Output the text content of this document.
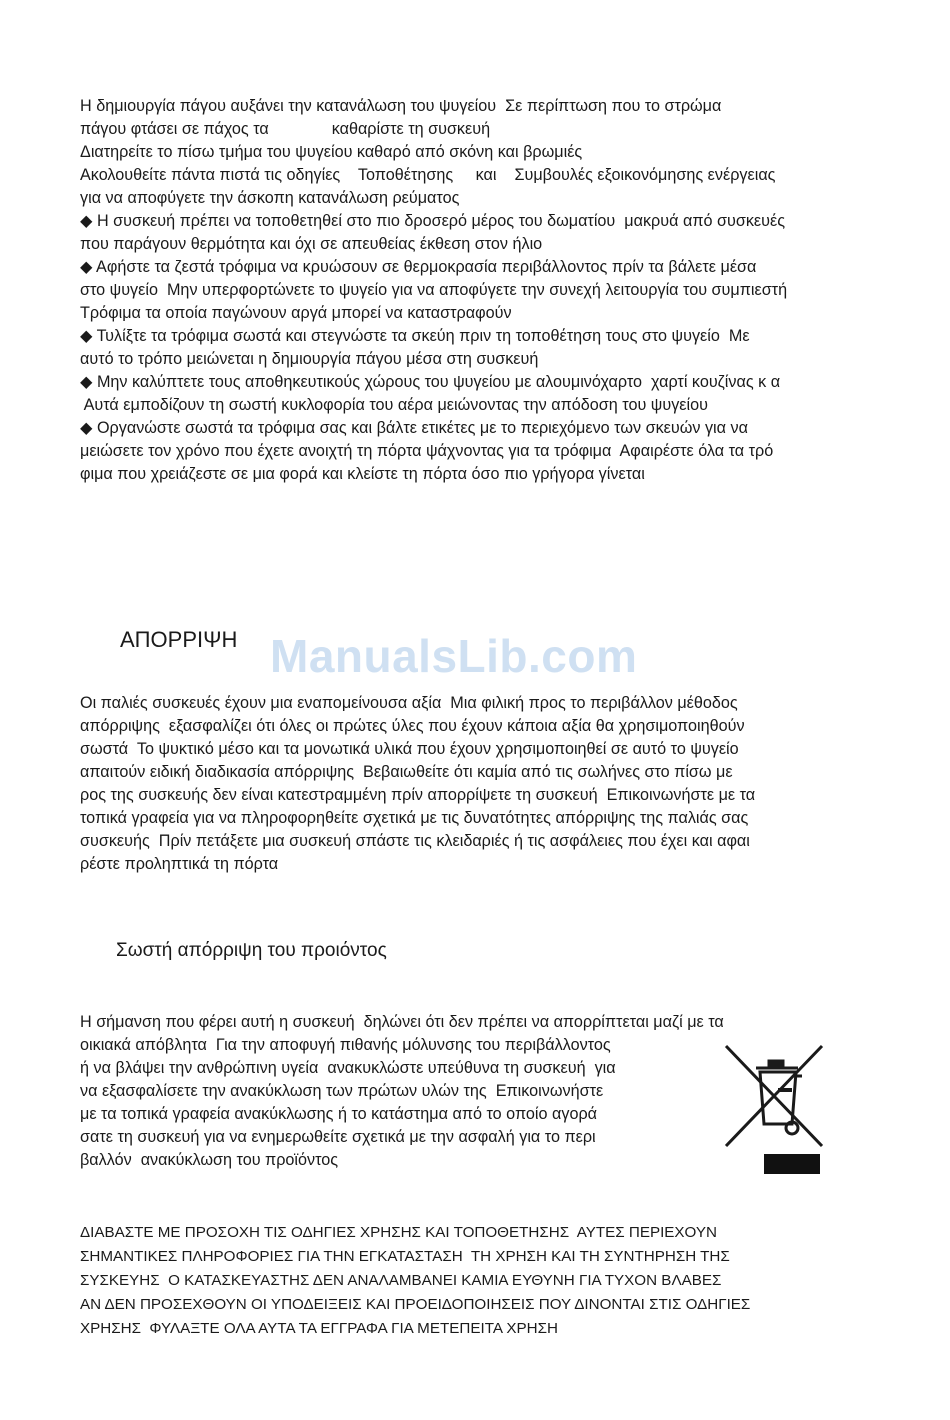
Η δημιουργία πάγου αυξάνει την κατανάλωση του ψυγείου  Σε περίπτωση που το στρώμα
πάγου φτάσει σε πάχος τα              καθαρίστε τη συσκευή
Διατηρείτε το πίσω τμήμα του ψυγείου καθαρό από σκόνη και βρωμιές
Ακολουθείτε πάντα πιστά τις οδηγίες    Τοποθέτησης     και    Συμβουλές εξοικονόμησης ενέργειας
για να αποφύγετε την άσκοπη κατανάλωση ρεύματος
◆ Η συσκευή πρέπει να τοποθετηθεί στο πιο δροσερό μέρος του δωματίου  μακρυά από συσκευές
που παράγουν θερμότητα και όχι σε απευθείας έκθεση στον ήλιο
◆ Αφήστε τα ζεστά τρόφιμα να κρυώσουν σε θερμοκρασία περιβάλλοντος πρίν τα βάλετε μέσα
στο ψυγείο  Μην υπερφορτώνετε το ψυγείο για να αποφύγετε την συνεχή λειτουργία του συμπιεστή
Τρόφιμα τα οποία παγώνουν αργά μπορεί να καταστραφούν
◆ Τυλίξτε τα τρόφιμα σωστά και στεγνώστε τα σκεύη πριν τη τοποθέτηση τους στο ψυγείο  Με
αυτό το τρόπο μειώνεται η δημιουργία πάγου μέσα στη συσκευή
◆ Μην καλύπτετε τους αποθηκευτικούς χώρους του ψυγείου με αλουμινόχαρτο  χαρτί κουζίνας κ α
Αυτά εμποδίζουν τη σωστή κυκλοφορία του αέρα μειώνοντας την απόδοση του ψυγείου
◆ Οργανώστε σωστά τα τρόφιμα σας και βάλτε ετικέτες με το περιεχόμενο των σκευών για να
μειώσετε τον χρόνο που έχετε ανοιχτή τη πόρτα ψάχνοντας για τα τρόφιμα  Αφαιρέστε όλα τα τρό
φιμα που χρειάζεστε σε μια φορά και κλείστε τη πόρτα όσο πιο γρήγορα γίνεται
ManualsLib.com
ΑΠΟΡΡΙΨΗ
Οι παλιές συσκευές έχουν μια εναπομείνουσα αξία  Μια φιλική προς το περιβάλλον μέθοδος
απόρριψης  εξασφαλίζει ότι όλες οι πρώτες ύλες που έχουν κάποια αξία θα χρησιμοποιηθούν
σωστά  Το ψυκτικό μέσο και τα μονωτικά υλικά που έχουν χρησιμοποιηθεί σε αυτό το ψυγείο
απαιτούν ειδική διαδικασία απόρριψης  Βεβαιωθείτε ότι καμία από τις σωλήνες στο πίσω με
ρος της συσκευής δεν είναι κατεστραμμένη πρίν απορρίψετε τη συσκευή  Επικοινωνήστε με τα
τοπικά γραφεία για να πληροφορηθείτε σχετικά με τις δυνατότητες απόρριψης της παλιάς σας
συσκευής  Πρίν πετάξετε μια συσκευή σπάστε τις κλειδαριές ή τις ασφάλειες που έχει και αφαι
ρέστε προληπτικά τη πόρτα
Σωστή απόρριψη του προιόντος
Η σήμανση που φέρει αυτή η συσκευή  δηλώνει ότι δεν πρέπει να απορρίπτεται μαζί με τα
οικιακά απόβλητα  Για την αποφυγή πιθανής μόλυνσης του περιβάλλοντος
ή να βλάψει την ανθρώπινη υγεία  ανακυκλώστε υπεύθυνα τη συσκευή  για
να εξασφαλίσετε την ανακύκλωση των πρώτων υλών της  Επικοινωνήστε
με τα τοπικά γραφεία ανακύκλωσης ή το κατάστημα από το οποίο αγορά
σατε τη συσκευή για να ενημερωθείτε σχετικά με την ασφαλή για το περι
βαλλόν  ανακύκλωση του προϊόντος
ΔΙΑΒΑΣΤΕ ΜΕ ΠΡΟΣΟΧΗ ΤΙΣ ΟΔΗΓΙΕΣ ΧΡΗΣΗΣ ΚΑΙ ΤΟΠΟΘΕΤΗΣΗΣ  ΑΥΤΕΣ ΠΕΡΙΕΧΟΥΝ
ΣΗΜΑΝΤΙΚΕΣ ΠΛΗΡΟΦΟΡΙΕΣ ΓΙΑ ΤΗΝ ΕΓΚΑΤΑΣΤΑΣΗ  ΤΗ ΧΡΗΣΗ ΚΑΙ ΤΗ ΣΥΝΤΗΡΗΣΗ ΤΗΣ
ΣΥΣΚΕΥΗΣ  Ο ΚΑΤΑΣΚΕΥΑΣΤΗΣ ΔΕΝ ΑΝΑΛΑΜΒΑΝΕΙ ΚΑΜΙΑ ΕΥΘΥΝΗ ΓΙΑ ΤΥΧΟΝ ΒΛΑΒΕΣ
ΑΝ ΔΕΝ ΠΡΟΣΕΧΘΟΥΝ ΟΙ ΥΠΟΔΕΙΞΕΙΣ ΚΑΙ ΠΡΟΕΙΔΟΠΟΙΗΣΕΙΣ ΠΟΥ ΔΙΝΟΝΤΑΙ ΣΤΙΣ ΟΔΗΓΙΕΣ
ΧΡΗΣΗΣ  ΦΥΛΑΞΤΕ ΟΛΑ ΑΥΤΑ ΤΑ ΕΓΓΡΑΦΑ ΓΙΑ ΜΕΤΕΠΕΙΤΑ ΧΡΗΣΗ
